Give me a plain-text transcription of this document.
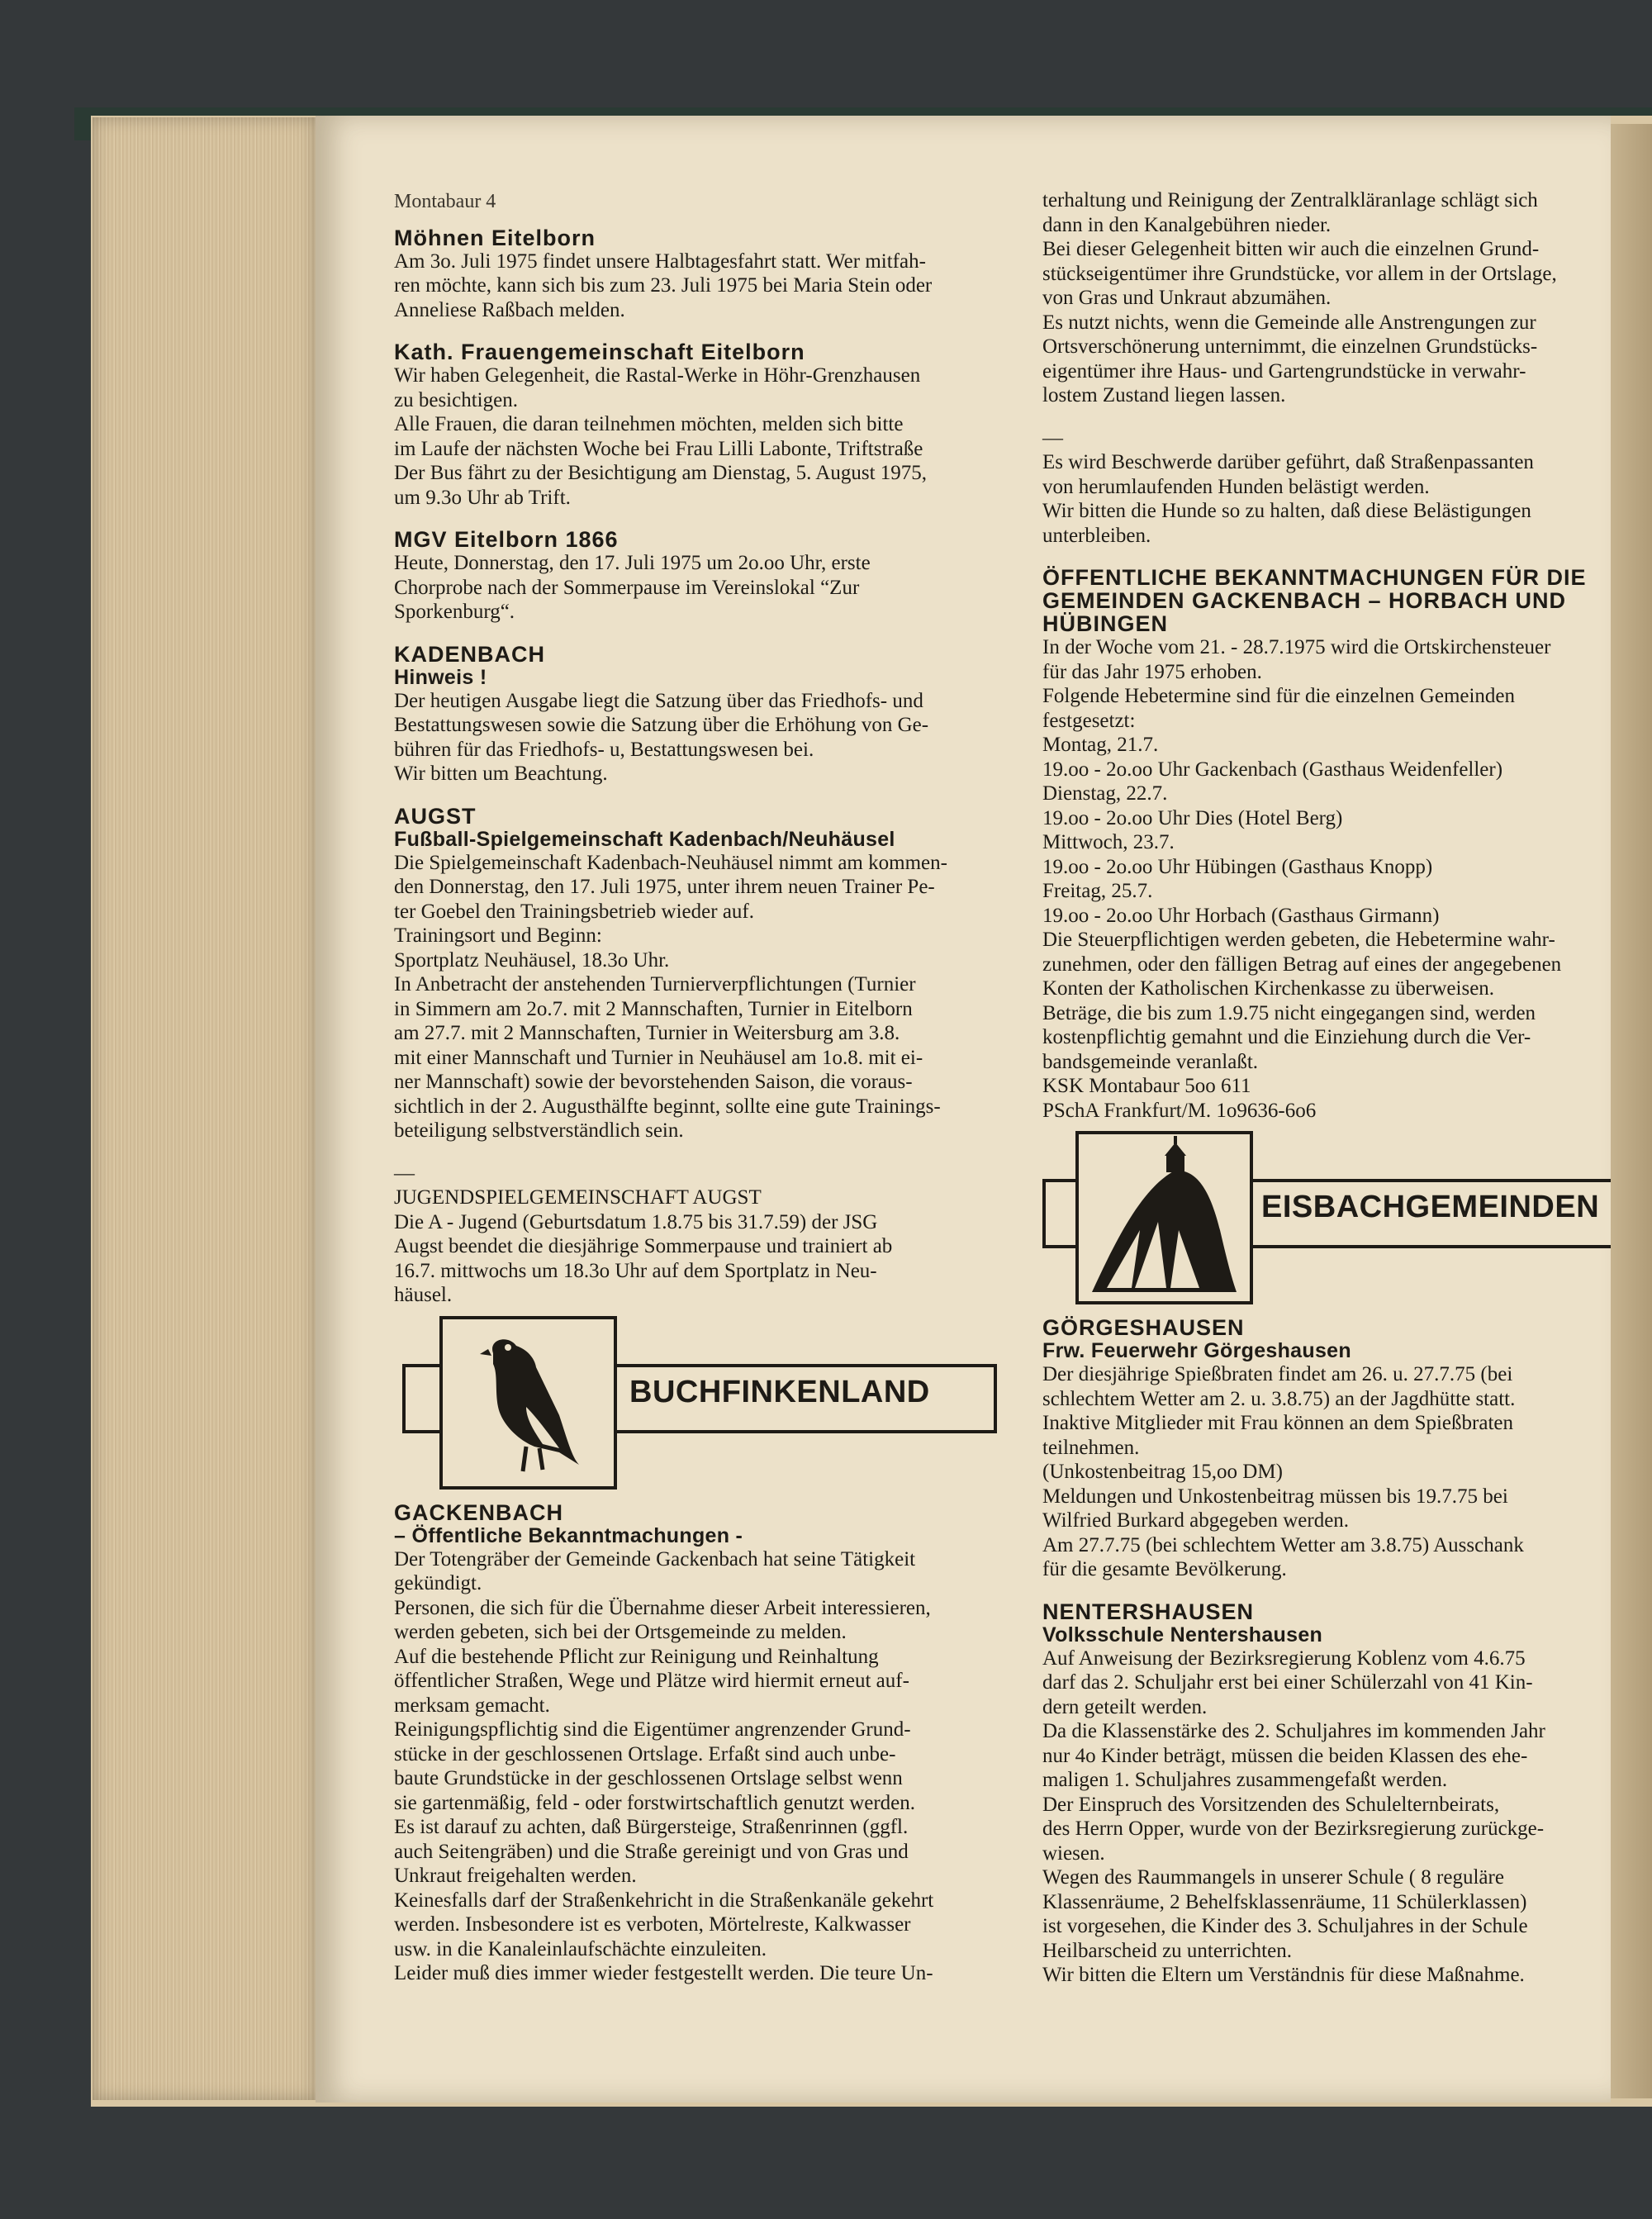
Montabaur 4

Möhnen Eitelborn

Am 3o. Juli 1975 findet unsere Halbtagesfahrt statt. Wer mitfah-

ren möchte, kann sich bis zum 23. Juli 1975 bei Maria Stein oder

Anneliese Raßbach melden.

Kath. Frauengemeinschaft Eitelborn

Wir haben Gelegenheit, die Rastal-Werke in Höhr-Grenzhausen

zu besichtigen.

Alle Frauen, die daran teilnehmen möchten, melden sich bitte

im Laufe der nächsten Woche bei Frau Lilli Labonte, Triftstraße

Der Bus fährt zu der Besichtigung am Dienstag, 5. August 1975,

um 9.3o Uhr ab Trift.

MGV Eitelborn 1866

Heute, Donnerstag, den 17. Juli 1975 um 2o.oo Uhr, erste

Chorprobe nach der Sommerpause im Vereinslokal “Zur

Sporkenburg“.

KADENBACH

Hinweis !

Der heutigen Ausgabe liegt die Satzung über das Friedhofs- und

Bestattungswesen sowie die Satzung über die Erhöhung von Ge-

bühren für das Friedhofs- u, Bestattungswesen bei.

Wir bitten um Beachtung.

AUGST

Fußball-Spielgemeinschaft Kadenbach/Neuhäusel

Die Spielgemeinschaft Kadenbach-Neuhäusel nimmt am kommen-

den Donnerstag, den 17. Juli 1975, unter ihrem neuen Trainer Pe-

ter Goebel den Trainingsbetrieb wieder auf.

Trainingsort und Beginn:

Sportplatz Neuhäusel, 18.3o Uhr.

In Anbetracht der anstehenden Turnierverpflichtungen (Turnier

in Simmern am 2o.7. mit 2 Mannschaften, Turnier in Eitelborn

am 27.7. mit 2 Mannschaften, Turnier in Weitersburg am 3.8.

mit einer Mannschaft und Turnier in Neuhäusel am 1o.8. mit ei-

ner Mannschaft) sowie der bevorstehenden Saison, die voraus-

sichtlich in der 2. Augusthälfte beginnt, sollte eine gute Trainings-

beteiligung selbstverständlich sein.

—

JUGENDSPIELGEMEINSCHAFT AUGST

Die A - Jugend (Geburtsdatum 1.8.75 bis 31.7.59) der JSG

Augst beendet die diesjährige Sommerpause und trainiert ab

16.7. mittwochs um 18.3o Uhr auf dem Sportplatz in Neu-

häusel.

BUCHFINKENLAND

GACKENBACH

– Öffentliche Bekanntmachungen -

Der Totengräber der Gemeinde Gackenbach hat seine Tätigkeit

gekündigt.

Personen, die sich für die Übernahme dieser Arbeit interessieren,

werden gebeten, sich bei der Ortsgemeinde zu melden.

Auf die bestehende Pflicht zur Reinigung und Reinhaltung

öffentlicher Straßen, Wege und Plätze wird hiermit erneut auf-

merksam gemacht.

Reinigungspflichtig sind die Eigentümer angrenzender Grund-

stücke in der geschlossenen Ortslage. Erfaßt sind auch unbe-

baute Grundstücke in der geschlossenen Ortslage selbst wenn

sie gartenmäßig, feld - oder forstwirtschaftlich genutzt werden.

Es ist darauf zu achten, daß Bürgersteige, Straßenrinnen (ggfl.

auch Seitengräben) und die Straße gereinigt und von Gras und

Unkraut freigehalten werden.

Keinesfalls darf der Straßenkehricht in die Straßenkanäle gekehrt

werden. Insbesondere ist es verboten, Mörtelreste, Kalkwasser

usw. in die Kanaleinlaufschächte einzuleiten.

Leider muß dies immer wieder festgestellt werden. Die teure Un-

terhaltung und Reinigung der Zentralkläranlage schlägt sich

dann in den Kanalgebühren nieder.

Bei dieser Gelegenheit bitten wir auch die einzelnen Grund-

stückseigentümer ihre Grundstücke, vor allem in der Ortslage,

von Gras und Unkraut abzumähen.

Es nutzt nichts, wenn die Gemeinde alle Anstrengungen zur

Ortsverschönerung unternimmt, die einzelnen Grundstücks-

eigentümer ihre Haus- und Gartengrundstücke in verwahr-

lostem Zustand liegen lassen.

—

Es wird Beschwerde darüber geführt, daß Straßenpassanten

von herumlaufenden Hunden belästigt werden.

Wir bitten die Hunde so zu halten, daß diese Belästigungen

unterbleiben.

ÖFFENTLICHE BEKANNTMACHUNGEN FÜR DIE

GEMEINDEN GACKENBACH – HORBACH UND

HÜBINGEN

In der Woche vom 21. - 28.7.1975 wird die Ortskirchensteuer

für das Jahr 1975 erhoben.

Folgende Hebetermine sind für die einzelnen Gemeinden

festgesetzt:

Montag, 21.7.

19.oo - 2o.oo Uhr Gackenbach (Gasthaus Weidenfeller)

Dienstag, 22.7.

19.oo - 2o.oo Uhr Dies (Hotel Berg)

Mittwoch, 23.7.

19.oo - 2o.oo Uhr Hübingen (Gasthaus Knopp)

Freitag, 25.7.

19.oo - 2o.oo Uhr Horbach (Gasthaus Girmann)

Die Steuerpflichtigen werden gebeten, die Hebetermine wahr-

zunehmen, oder den fälligen Betrag auf eines der angegebenen

Konten der Katholischen Kirchenkasse zu überweisen.

Beträge, die bis zum 1.9.75 nicht eingegangen sind, werden

kostenpflichtig gemahnt und die Einziehung durch die Ver-

bandsgemeinde veranlaßt.

KSK Montabaur 5oo 611

PSchA Frankfurt/M. 1o9636-6o6

EISBACHGEMEINDEN

GÖRGESHAUSEN

Frw. Feuerwehr Görgeshausen

Der diesjährige Spießbraten findet am 26. u. 27.7.75 (bei

schlechtem Wetter am 2. u. 3.8.75) an der Jagdhütte statt.

Inaktive Mitglieder mit Frau können an dem Spießbraten

teilnehmen.

(Unkostenbeitrag 15,oo DM)

Meldungen und Unkostenbeitrag müssen bis 19.7.75 bei

Wilfried Burkard abgegeben werden.

Am 27.7.75 (bei schlechtem Wetter am 3.8.75) Ausschank

für die gesamte Bevölkerung.

NENTERSHAUSEN

Volksschule Nentershausen

Auf Anweisung der Bezirksregierung Koblenz vom 4.6.75

darf das 2. Schuljahr erst bei einer Schülerzahl von 41 Kin-

dern geteilt werden.

Da die Klassenstärke des 2. Schuljahres im kommenden Jahr

nur 4o Kinder beträgt, müssen die beiden Klassen des ehe-

maligen 1. Schuljahres zusammengefaßt werden.

Der Einspruch des Vorsitzenden des Schulelternbeirats,

des Herrn Opper, wurde von der Bezirksregierung zurückge-

wiesen.

Wegen des Raummangels in unserer Schule ( 8 reguläre

Klassenräume, 2 Behelfsklassenräume, 11 Schülerklassen)

ist vorgesehen, die Kinder des 3. Schuljahres in der Schule

Heilbarscheid zu unterrichten.

Wir bitten die Eltern um Verständnis für diese Maßnahme.
